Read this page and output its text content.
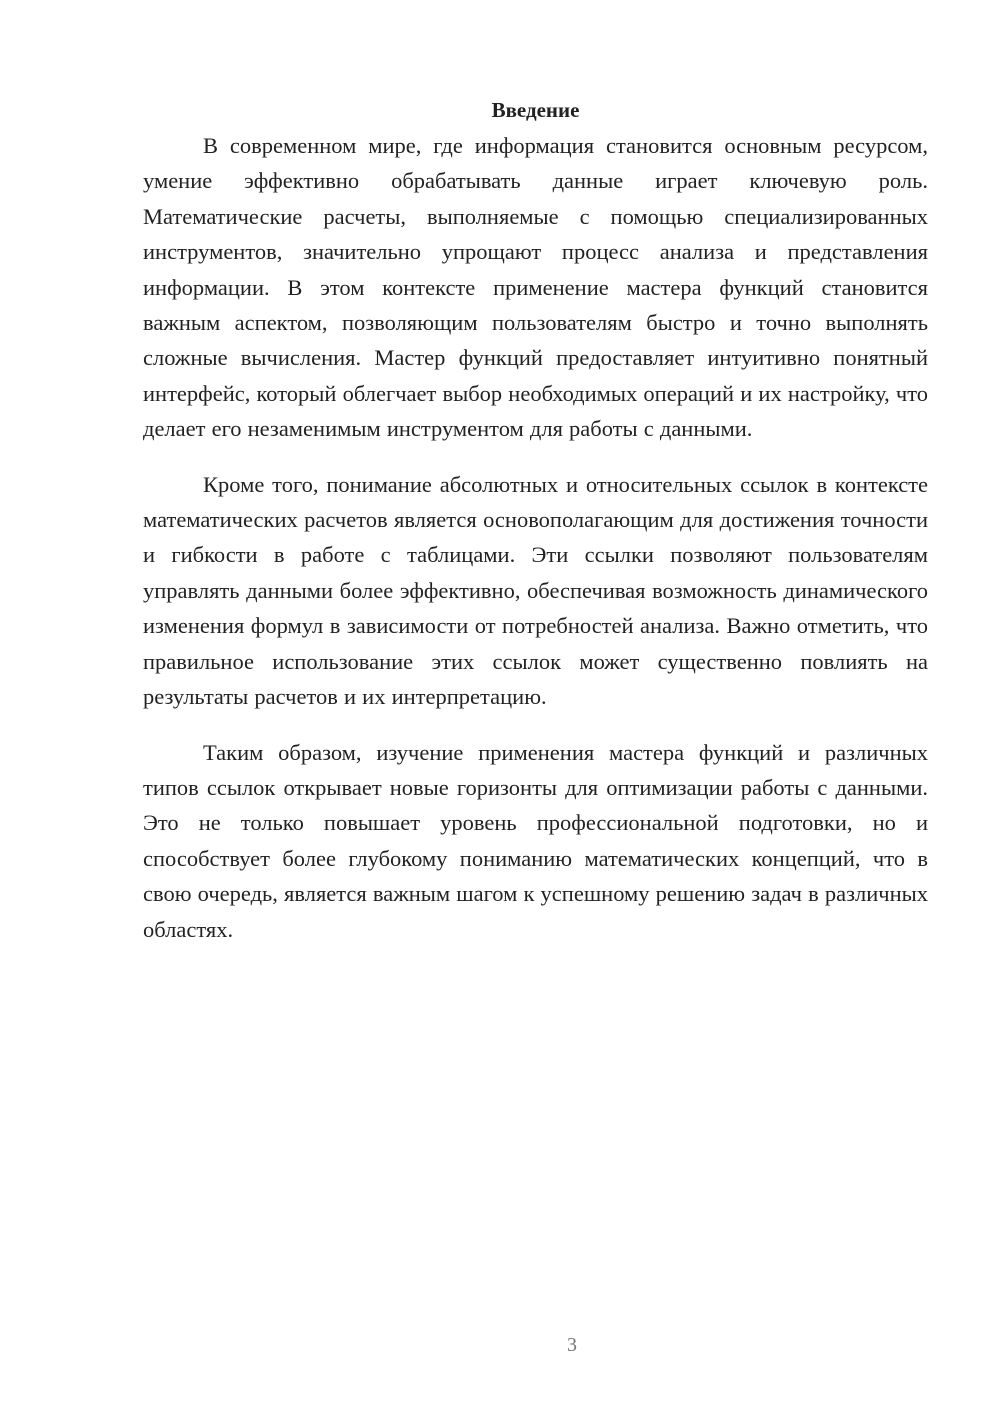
Введение

В современном мире, где информация становится основным ресурсом, умение эффективно обрабатывать данные играет ключевую роль. Математические расчеты, выполняемые с помощью специализированных инструментов, значительно упрощают процесс анализа и представления информации. В этом контексте применение мастера функций становится важным аспектом, позволяющим пользователям быстро и точно выполнять сложные вычисления. Мастер функций предоставляет интуитивно понятный интерфейс, который облегчает выбор необходимых операций и их настройку, что делает его незаменимым инструментом для работы с данными.

Кроме того, понимание абсолютных и относительных ссылок в контексте математических расчетов является основополагающим для достижения точности и гибкости в работе с таблицами. Эти ссылки позволяют пользователям управлять данными более эффективно, обеспечивая возможность динамического изменения формул в зависимости от потребностей анализа. Важно отметить, что правильное использование этих ссылок может существенно повлиять на результаты расчетов и их интерпретацию.

Таким образом, изучение применения мастера функций и различных типов ссылок открывает новые горизонты для оптимизации работы с данными. Это не только повышает уровень профессиональной подготовки, но и способствует более глубокому пониманию математических концепций, что в свою очередь, является важным шагом к успешному решению задач в различных областях.

3
